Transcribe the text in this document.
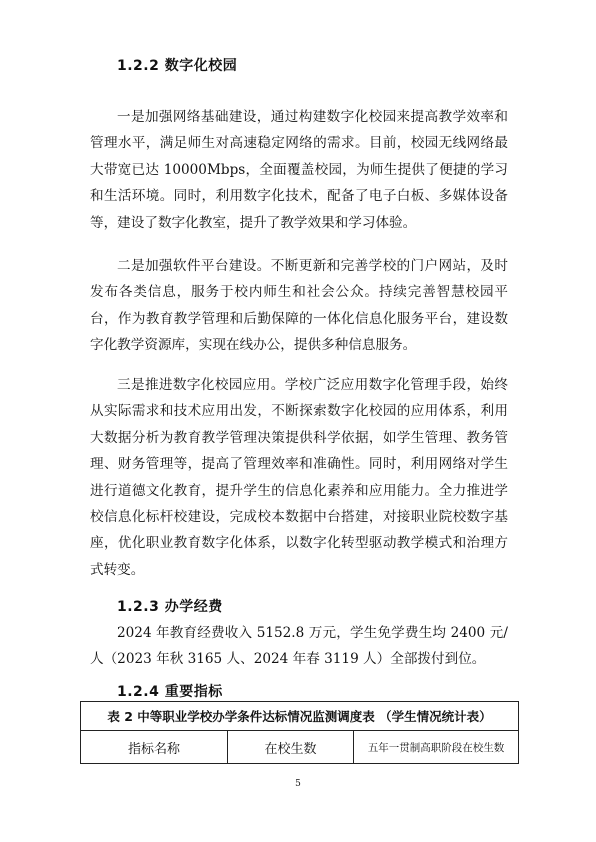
1.2.2 数字化校园

一是加强网络基础建设，通过构建数字化校园来提高教学效率和管理水平，满足师生对高速稳定网络的需求。目前，校园无线网络最大带宽已达 10000Mbps，全面覆盖校园，为师生提供了便捷的学习和生活环境。同时，利用数字化技术，配备了电子白板、多媒体设备等，建设了数字化教室，提升了教学效果和学习体验。

二是加强软件平台建设。不断更新和完善学校的门户网站，及时发布各类信息，服务于校内师生和社会公众。持续完善智慧校园平台，作为教育教学管理和后勤保障的一体化信息化服务平台，建设数字化教学资源库，实现在线办公，提供多种信息服务。

三是推进数字化校园应用。学校广泛应用数字化管理手段，始终从实际需求和技术应用出发，不断探索数字化校园的应用体系，利用大数据分析为教育教学管理决策提供科学依据，如学生管理、教务管理、财务管理等，提高了管理效率和准确性。同时，利用网络对学生进行道德文化教育，提升学生的信息化素养和应用能力。全力推进学校信息化标杆校建设，完成校本数据中台搭建，对接职业院校数字基座，优化职业教育数字化体系，以数字化转型驱动教学模式和治理方式转变。

1.2.3 办学经费

2024 年教育经费收入 5152.8 万元，学生免学费生均 2400 元/人（2023 年秋 3165 人、2024 年春 3119 人）全部拨付到位。

1.2.4 重要指标
表 2 中等职业学校办学条件达标情况监测调度表 （学生情况统计表）
指标名称	在校生数	五年一贯制高职阶段在校生数
5
